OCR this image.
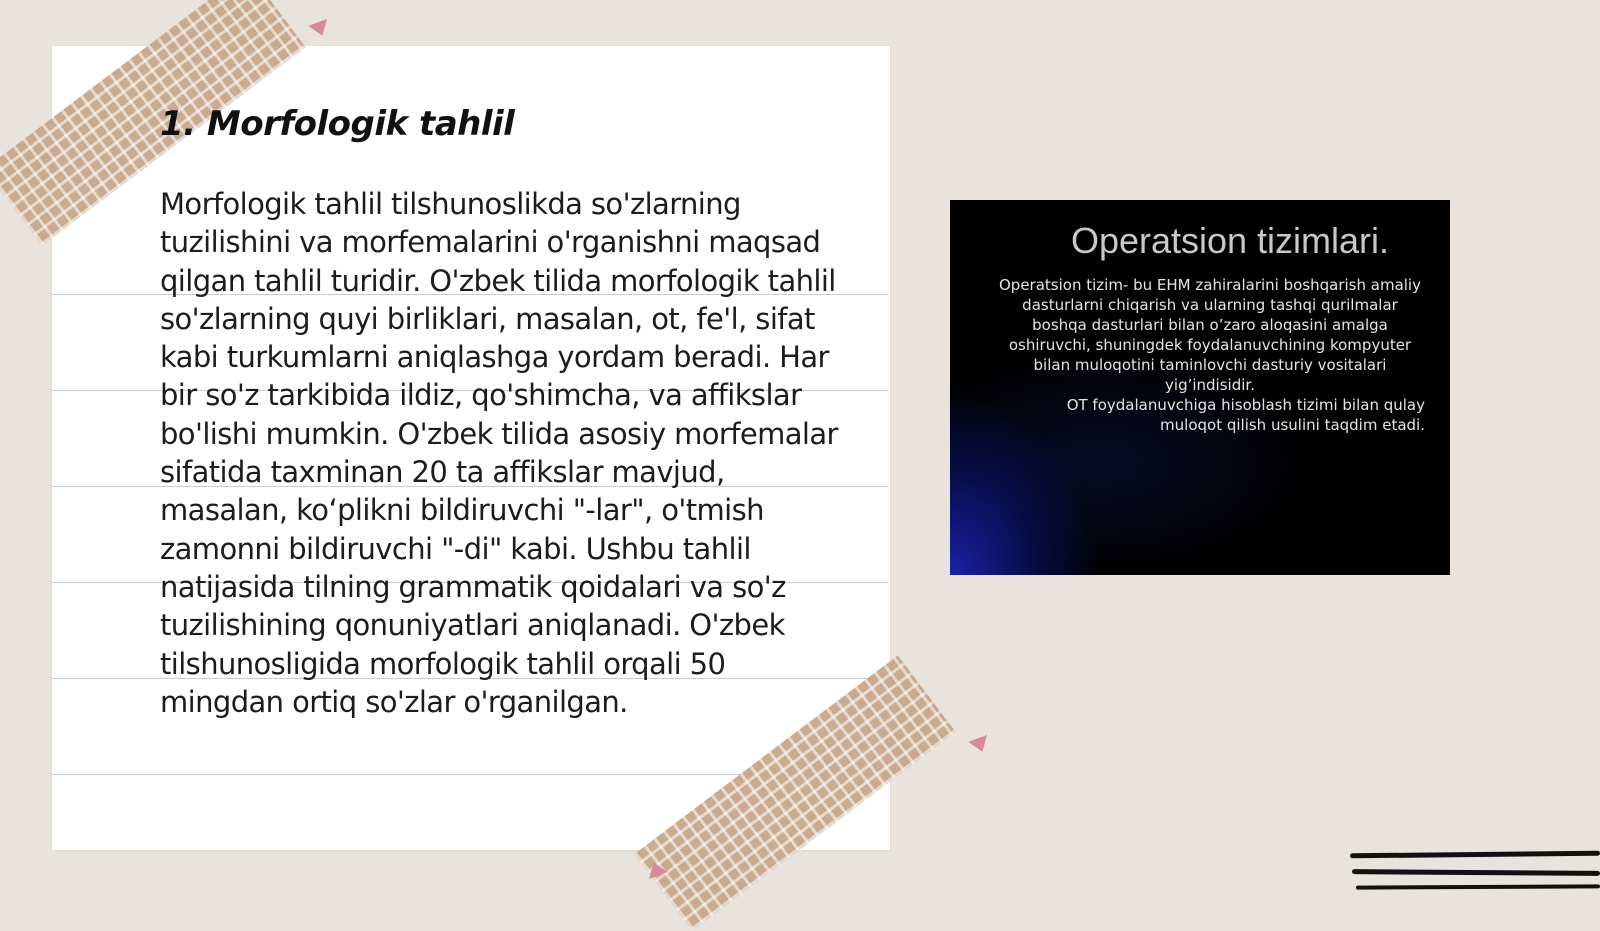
1. Morfologik tahlil

Morfologik tahlil tilshunoslikda so'zlarning tuzilishini va morfemalarini o'rganishni maqsad qilgan tahlil turidir. O'zbek tilida morfologik tahlil so'zlarning quyi birliklari, masalan, ot, fe'l, sifat kabi turkumlarni aniqlashga yordam beradi. Har bir so'z tarkibida ildiz, qo'shimcha, va affikslar bo'lishi mumkin. O'zbek tilida asosiy morfemalar sifatida taxminan 20 ta affikslar mavjud, masalan, ko‘plikni bildiruvchi "-lar", o'tmish zamonni bildiruvchi "-di" kabi. Ushbu tahlil natijasida tilning grammatik qoidalari va so'z tuzilishining qonuniyatlari aniqlanadi. O'zbek tilshunosligida morfologik tahlil orqali 50 mingdan ortiq so'zlar o'rganilgan.

Operatsion tizimlari.

Operatsion tizim- bu EHM zahiralarini boshqarish amaliy dasturlarni chiqarish va ularning tashqi qurilmalar boshqa dasturlari bilan o’zaro aloqasini amalga oshiruvchi, shuningdek foydalanuvchining kompyuter bilan muloqotini taminlovchi dasturiy vositalari yig’indisidir.

OT foydalanuvchiga hisoblash tizimi bilan qulay muloqot qilish usulini taqdim etadi.
